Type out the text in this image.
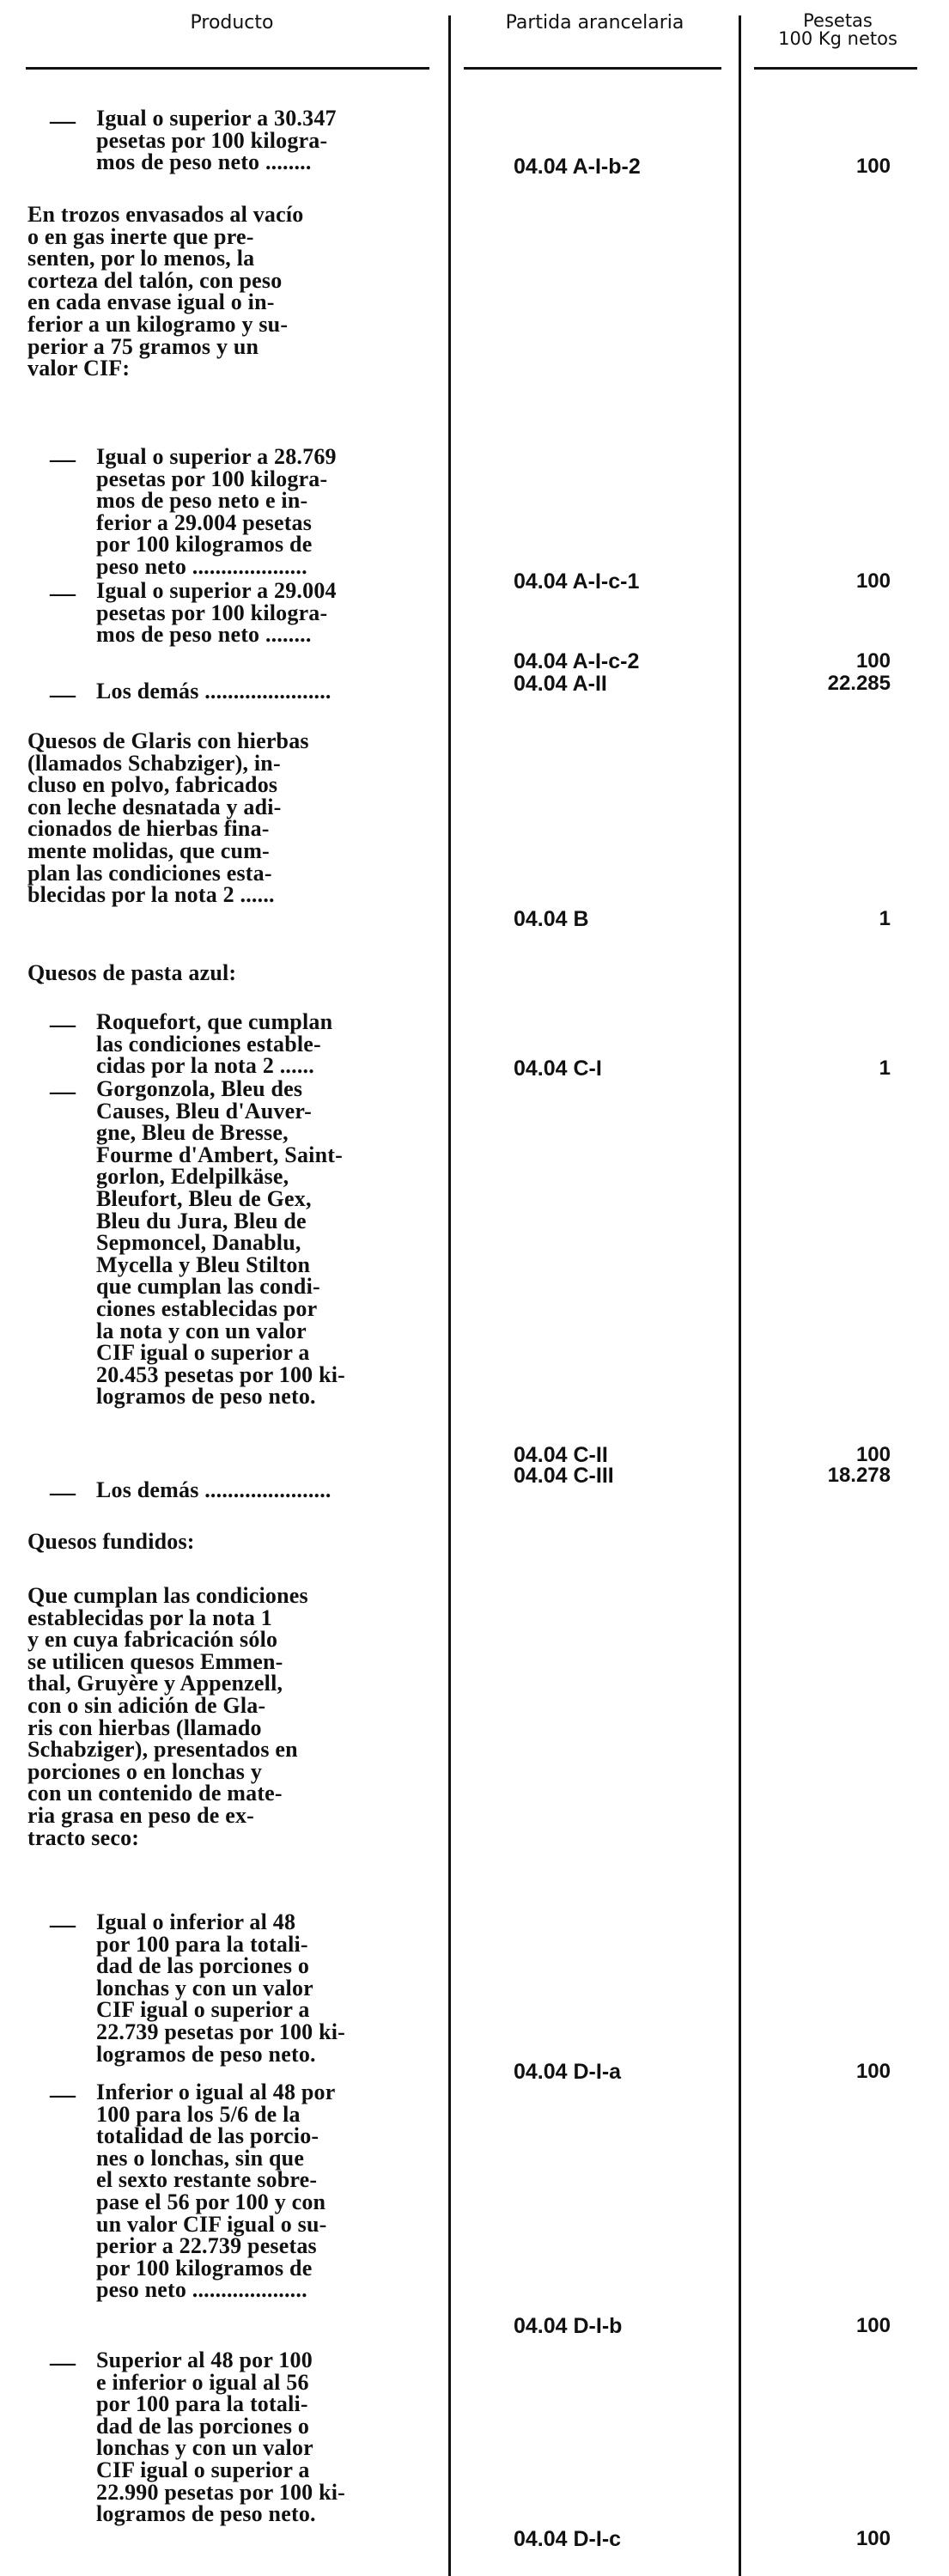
Producto	Partida arancelaria	Pesetas
100 Kg netos
— Igual o superior a 30.347
pesetas por 100 kilogra-
mos de peso neto ........	04.04 A-I-b-2	100
En trozos envasados al vacío
o en gas inerte que pre-
senten, por lo menos, la
corteza del talón, con peso
en cada envase igual o in-
ferior a un kilogramo y su-
perior a 75 gramos y un
valor CIF:
— Igual o superior a 28.769
pesetas por 100 kilogra-
mos de peso neto e in-
ferior a 29.004 pesetas
por 100 kilogramos de
peso neto ....................
04.04 A-I-c-1	100
— Igual o superior a 29.004
pesetas por 100 kilogra-
mos de peso neto ........
04.04 A-I-c-2	100
— Los demás ......................	04.04 A-II	22.285
Quesos de Glaris con hierbas
(llamados Schabziger), in-
cluso en polvo, fabricados
con leche desnatada y adi-
cionados de hierbas fina-
mente molidas, que cum-
plan las condiciones esta-
blecidas por la nota 2 ......
04.04 B	1
Quesos de pasta azul:
— Roquefort, que cumplan
las condiciones estable-
cidas por la nota 2 ......	04.04 C-I	1
— Gorgonzola, Bleu des
Causes, Bleu d'Auver-
gne, Bleu de Bresse,
Fourme d'Ambert, Saint-
gorlon, Edelpilkäse,
Bleufort, Bleu de Gex,
Bleu du Jura, Bleu de
Sepmoncel, Danablu,
Mycella y Bleu Stilton
que cumplan las condi-
ciones establecidas por
la nota y con un valor
CIF igual o superior a
20.453 pesetas por 100 ki-
logramos de peso neto.
04.04 C-II	100
— Los demás ......................
04.04 C-III	18.278
Quesos fundidos:
Que cumplan las condiciones
establecidas por la nota 1
y en cuya fabricación sólo
se utilicen quesos Emmen-
thal, Gruyère y Appenzell,
con o sin adición de Gla-
ris con hierbas (llamado
Schabziger), presentados en
porciones o en lonchas y
con un contenido de mate-
ria grasa en peso de ex-
tracto seco:
— Igual o inferior al 48
por 100 para la totali-
dad de las porciones o
lonchas y con un valor
CIF igual o superior a
22.739 pesetas por 100 ki-
logramos de peso neto.
04.04 D-I-a	100
— Inferior o igual al 48 por
100 para los 5/6 de la
totalidad de las porcio-
nes o lonchas, sin que
el sexto restante sobre-
pase el 56 por 100 y con
un valor CIF igual o su-
perior a 22.739 pesetas
por 100 kilogramos de
peso neto ....................
04.04 D-I-b	100
— Superior al 48 por 100
e inferior o igual al 56
por 100 para la totali-
dad de las porciones o
lonchas y con un valor
CIF igual o superior a
22.990 pesetas por 100 ki-
logramos de peso neto.
04.04 D-I-c	100
